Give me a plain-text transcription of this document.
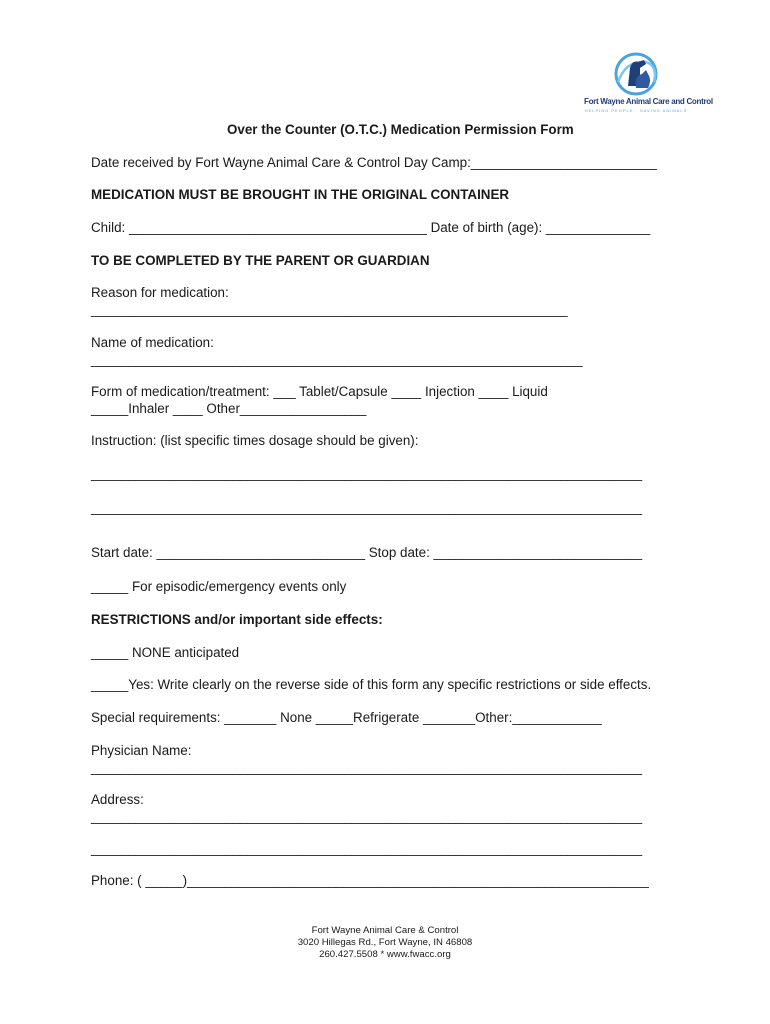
Fort Wayne Animal Care and Control
HELPING PEOPLE · SAVING ANIMALS
Over the Counter (O.T.C.) Medication Permission Form
Date received by Fort Wayne Animal Care & Control Day Camp:_________________________
MEDICATION MUST BE BROUGHT IN THE ORIGINAL CONTAINER
Child: ________________________________________ Date of birth (age): ______________
TO BE COMPLETED BY THE PARENT OR GUARDIAN
Reason for medication:
________________________________________________________________
Name of medication:
__________________________________________________________________
Form of medication/treatment: ___ Tablet/Capsule ____ Injection ____ Liquid
_____Inhaler ____ Other_________________
Instruction: (list specific times dosage should be given):
__________________________________________________________________________
__________________________________________________________________________
Start date: ____________________________ Stop date: ____________________________
_____ For episodic/emergency events only
RESTRICTIONS and/or important side effects:
_____ NONE anticipated
_____Yes: Write clearly on the reverse side of this form any specific restrictions or side effects.
Special requirements: _______ None _____Refrigerate _______Other:____________
Physician Name:
__________________________________________________________________________
Address:
__________________________________________________________________________
__________________________________________________________________________
Phone: ( _____)______________________________________________________________
Fort Wayne Animal Care & Control
3020 Hillegas Rd., Fort Wayne, IN 46808
260.427.5508 * www.fwacc.org
